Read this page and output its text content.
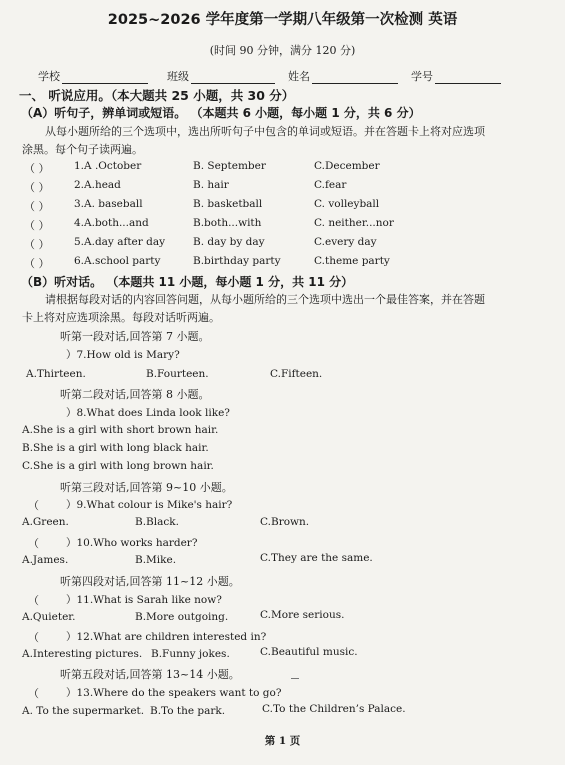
2025~2026 学年度第一学期八年级第一次检测 英语
(时间 90 分钟，满分 120 分)
学校	班级	姓名	学号
一、 听说应用。（本大题共 25 小题，共 30 分）
（A）听句子，辨单词或短语。 （本题共 6 小题，每小题 1 分，共 6 分）
从每小题所给的三个选项中，选出所听句子中包含的单词或短语。并在答题卡上将对应选项
涂黑。每个句子读两遍。
（ ） 1.A .October	B. September	C.December
（ ） 2.A.head	B. hair	C.fear
（ ） 3.A. baseball	B. basketball	C. volleyball
（ ） 4.A.both...and	B.both...with	C. neither...nor
（ ） 5.A.day after day	B. day by day	C.every day
（ ） 6.A.school party	B.birthday party	C.theme party
（B）听对话。 （本题共 11 小题，每小题 1 分，共 11 分）
请根据每段对话的内容回答问题，从每小题所给的三个选项中选出一个最佳答案，并在答题
卡上将对应选项涂黑。每段对话听两遍。
听第一段对话,回答第 7 小题。
）7.How old is Mary?
A.Thirteen.	B.Fourteen.	C.Fifteen.
听第二段对话,回答第 8 小题。
）8.What does Linda look like?
A.She is a girl with short brown hair.
B.She is a girl with long black hair.
C.She is a girl with long brown hair.
听第三段对话,回答第 9~10 小题。
（	）9.What colour is Mike's hair?
A.Green.	B.Black.	C.Brown.
（	）10.Who works harder?
A.James.	B.Mike.	C.They are the same.
听第四段对话,回答第 11~12 小题。
（	）11.What is Sarah like now?
A.Quieter.	B.More outgoing.	C.More serious.
（	）12.What are children interested in?
A.Interesting pictures. B.Funny jokes.	C.Beautiful music.
听第五段对话,回答第 13~14 小题。
（	）13.Where do the speakers want to go?
A. To the supermarket. B.To the park.	C.To the Children’s Palace.
第 1 页
